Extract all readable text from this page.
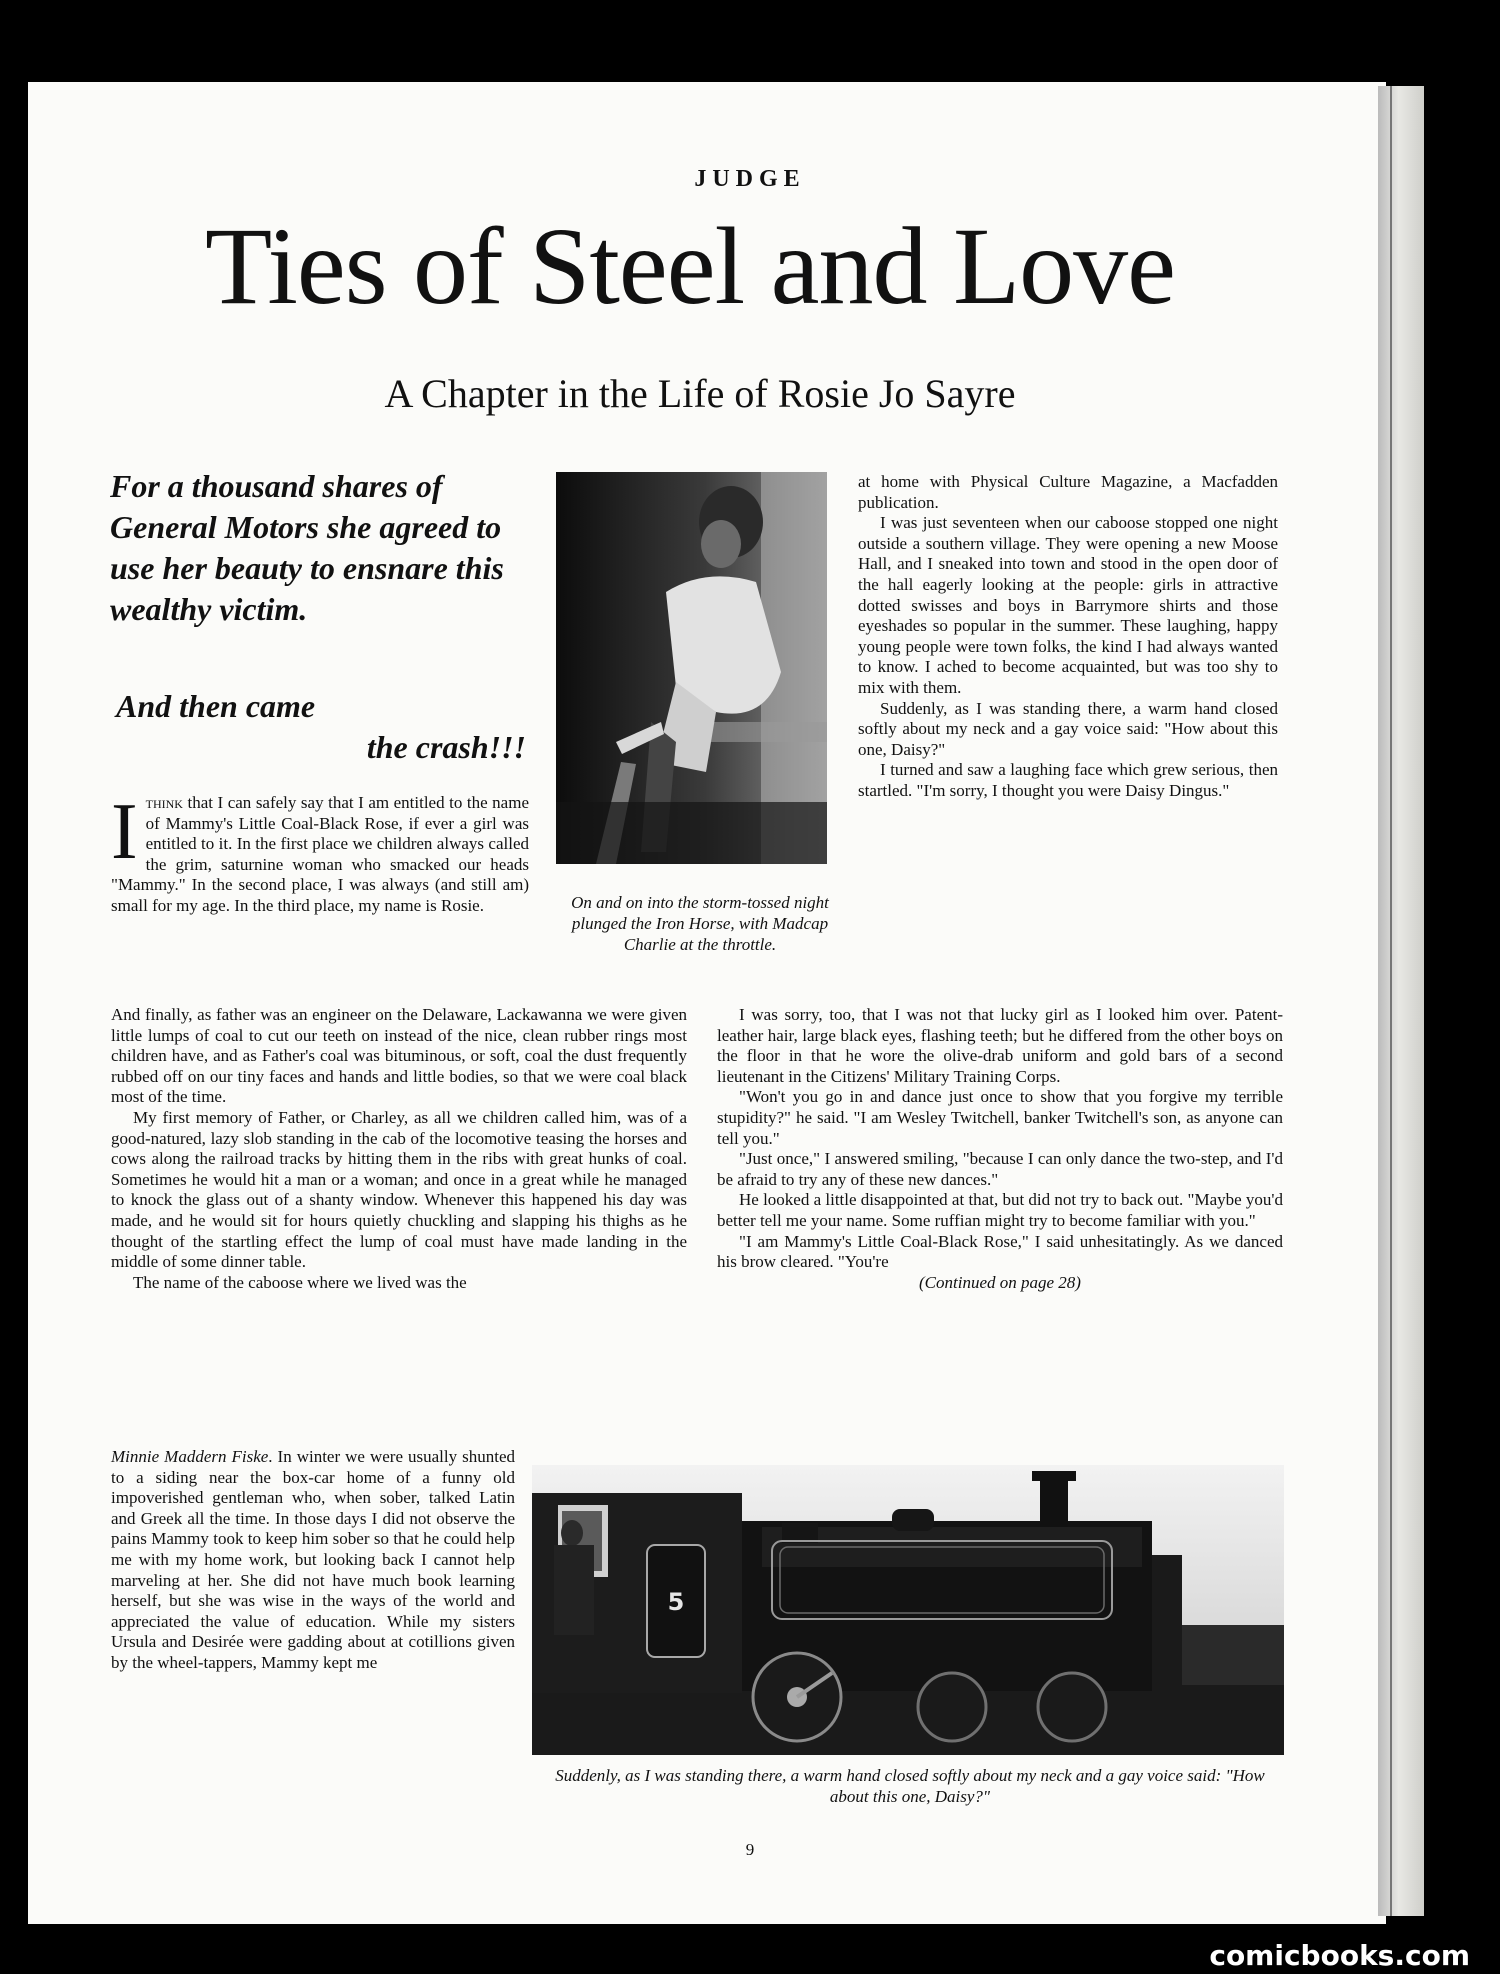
JUDGE
Ties of Steel and Love
A Chapter in the Life of Rosie Jo Sayre
For a thousand shares of General Motors she agreed to use her beauty to ensnare this wealthy victim.
And then came
the crash!!!

Ithink that I can safely say that I am entitled to the name of Mammy's Little Coal-Black Rose, if ever a girl was entitled to it. In the first place we children always called the grim, saturnine woman who smacked our heads "Mammy." In the second place, I was always (and still am) small for my age. In the third place, my name is Rosie.

And finally, as father was an engineer on the Delaware, Lackawanna we were given little lumps of coal to cut our teeth on instead of the nice, clean rubber rings most children have, and as Father's coal was bituminous, or soft, coal the dust frequently rubbed off on our tiny faces and hands and little bodies, so that we were coal black most of the time.

My first memory of Father, or Charley, as all we children called him, was of a good-natured, lazy slob standing in the cab of the locomotive teasing the horses and cows along the railroad tracks by hitting them in the ribs with great hunks of coal. Sometimes he would hit a man or a woman; and once in a great while he managed to knock the glass out of a shanty window. Whenever this happened his day was made, and he would sit for hours quietly chuckling and slapping his thighs as he thought of the startling effect the lump of coal must have made landing in the middle of some dinner table.

The name of the caboose where we lived was the

Minnie Maddern Fiske. In winter we were usually shunted to a siding near the box-car home of a funny old impoverished gentleman who, when sober, talked Latin and Greek all the time. In those days I did not observe the pains Mammy took to keep him sober so that he could help me with my home work, but looking back I cannot help marveling at her. She did not have much book learning herself, but she was wise in the ways of the world and appreciated the value of education. While my sisters Ursula and Desirée were gadding about at cotillions given by the wheel-tappers, Mammy kept me

On and on into the storm-tossed night plunged the Iron Horse, with Madcap Charlie at the throttle.

at home with Physical Culture Magazine, a Macfadden publication.

I was just seventeen when our caboose stopped one night outside a southern village. They were opening a new Moose Hall, and I sneaked into town and stood in the open door of the hall eagerly looking at the people: girls in attractive dotted swisses and boys in Barrymore shirts and those eyeshades so popular in the summer. These laughing, happy young people were town folks, the kind I had always wanted to know. I ached to become acquainted, but was too shy to mix with them.

Suddenly, as I was standing there, a warm hand closed softly about my neck and a gay voice said: "How about this one, Daisy?"

I turned and saw a laughing face which grew serious, then startled. "I'm sorry, I thought you were Daisy Dingus."

I was sorry, too, that I was not that lucky girl as I looked him over. Patent-leather hair, large black eyes, flashing teeth; but he differed from the other boys on the floor in that he wore the olive-drab uniform and gold bars of a second lieutenant in the Citizens' Military Training Corps.

"Won't you go in and dance just once to show that you forgive my terrible stupidity?" he said. "I am Wesley Twitchell, banker Twitchell's son, as anyone can tell you."

"Just once," I answered smiling, "because I can only dance the two-step, and I'd be afraid to try any of these new dances."

He looked a little disappointed at that, but did not try to back out. "Maybe you'd better tell me your name. Some ruffian might try to become familiar with you."

"I am Mammy's Little Coal-Black Rose," I said unhesitatingly. As we danced his brow cleared. "You're

(Continued on page 28)
5
Suddenly, as I was standing there, a warm hand closed softly about my neck and a gay voice said: "How about this one, Daisy?"
9
comicbooks.com
